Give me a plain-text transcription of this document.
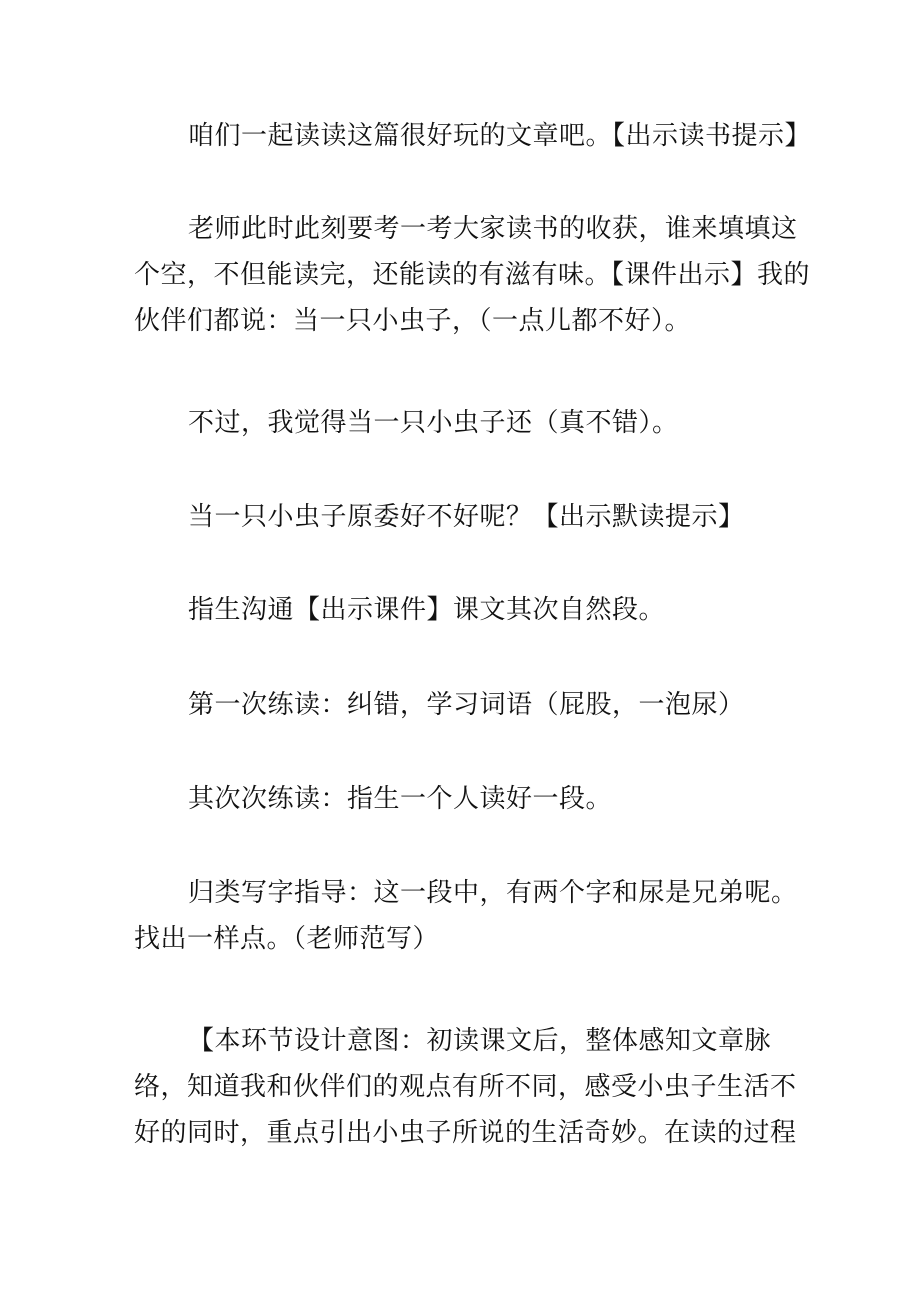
咱们一起读读这篇很好玩的文章吧。【出示读书提示】

老师此时此刻要考一考大家读书的收获，谁来填填这个空，不但能读完，还能读的有滋有味。【课件出示】我的伙伴们都说：当一只小虫子，（一点儿都不好）。

不过，我觉得当一只小虫子还（真不错）。

当一只小虫子原委好不好呢？【出示默读提示】

指生沟通【出示课件】课文其次自然段。

第一次练读：纠错，学习词语（屁股，一泡尿）

其次次练读：指生一个人读好一段。

归类写字指导：这一段中，有两个字和尿是兄弟呢。找出一样点。（老师范写）

【本环节设计意图：初读课文后，整体感知文章脉络，知道我和伙伴们的观点有所不同，感受小虫子生活不好的同时，重点引出小虫子所说的生活奇妙。在读的过程
